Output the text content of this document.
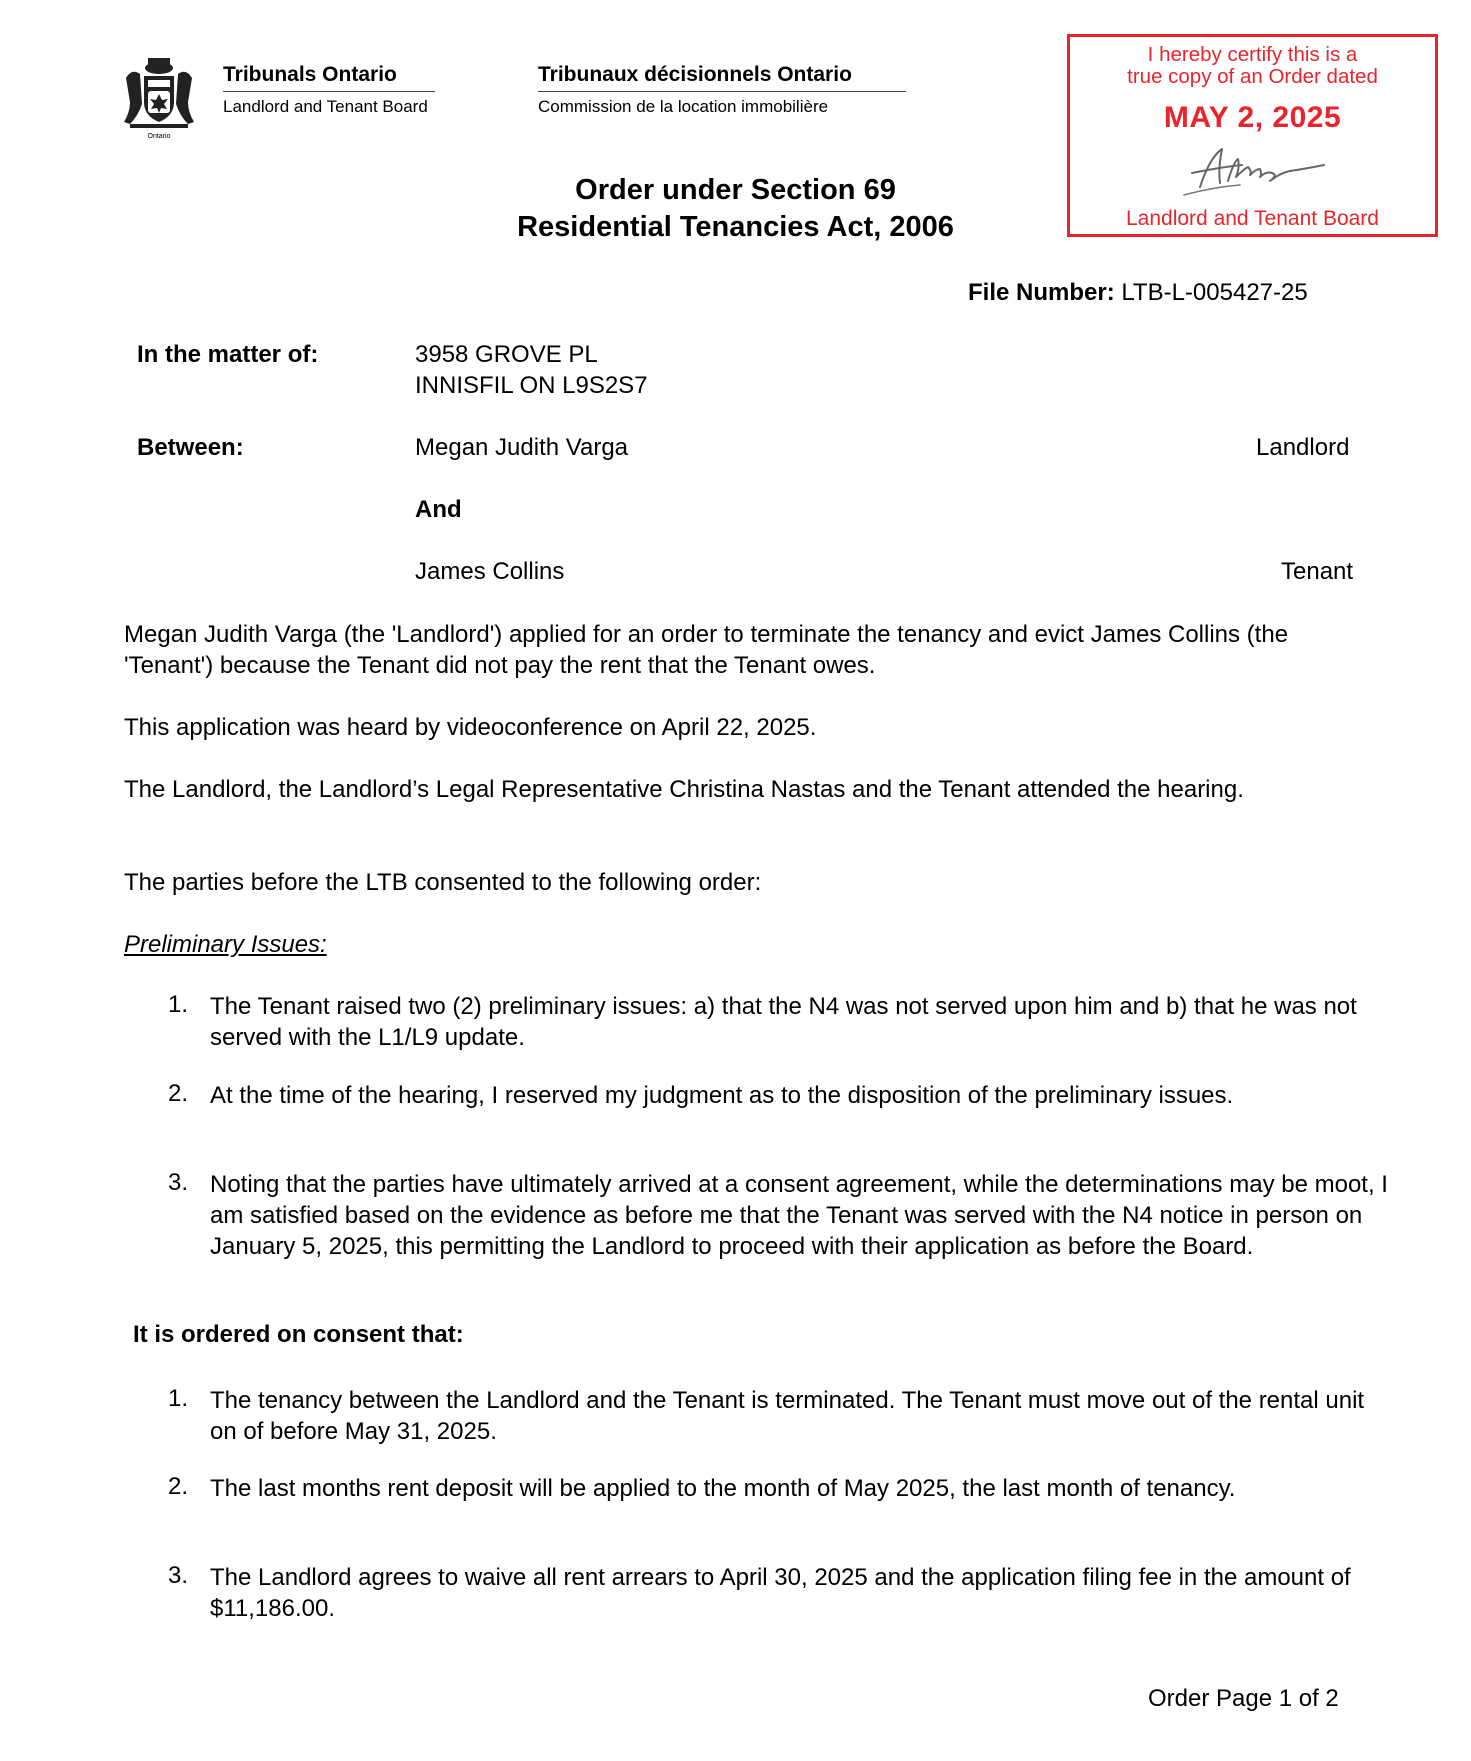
Ontario
Tribunals Ontario
Landlord and Tenant Board
Tribunaux décisionnels Ontario
Commission de la location immobilière
I hereby certify this is a
true copy of an Order dated
MAY 2, 2025
Landlord and Tenant Board
Order under Section 69
Residential Tenancies Act, 2006
File Number: LTB-L-005427-25
In the matter of:	3958 GROVE PL
INNISFIL ON L9S2S7
Between:	Megan Judith Varga	Landlord
And
James Collins	Tenant
Megan Judith Varga (the 'Landlord') applied for an order to terminate the tenancy and evict James Collins (the 'Tenant') because the Tenant did not pay the rent that the Tenant owes.
This application was heard by videoconference on April 22, 2025.
The Landlord, the Landlord’s Legal Representative Christina Nastas and the Tenant attended the hearing.
The parties before the LTB consented to the following order:
Preliminary Issues:
1. The Tenant raised two (2) preliminary issues: a) that the N4 was not served upon him and b) that he was not served with the L1/L9 update.
2. At the time of the hearing, I reserved my judgment as to the disposition of the preliminary issues.
3. Noting that the parties have ultimately arrived at a consent agreement, while the determinations may be moot, I am satisfied based on the evidence as before me that the Tenant was served with the N4 notice in person on January 5, 2025, this permitting the Landlord to proceed with their application as before the Board.
It is ordered on consent that:
1. The tenancy between the Landlord and the Tenant is terminated. The Tenant must move out of the rental unit on of before May 31, 2025.
2. The last months rent deposit will be applied to the month of May 2025, the last month of tenancy.
3. The Landlord agrees to waive all rent arrears to April 30, 2025 and the application filing fee in the amount of $11,186.00.
Order Page 1 of 2
